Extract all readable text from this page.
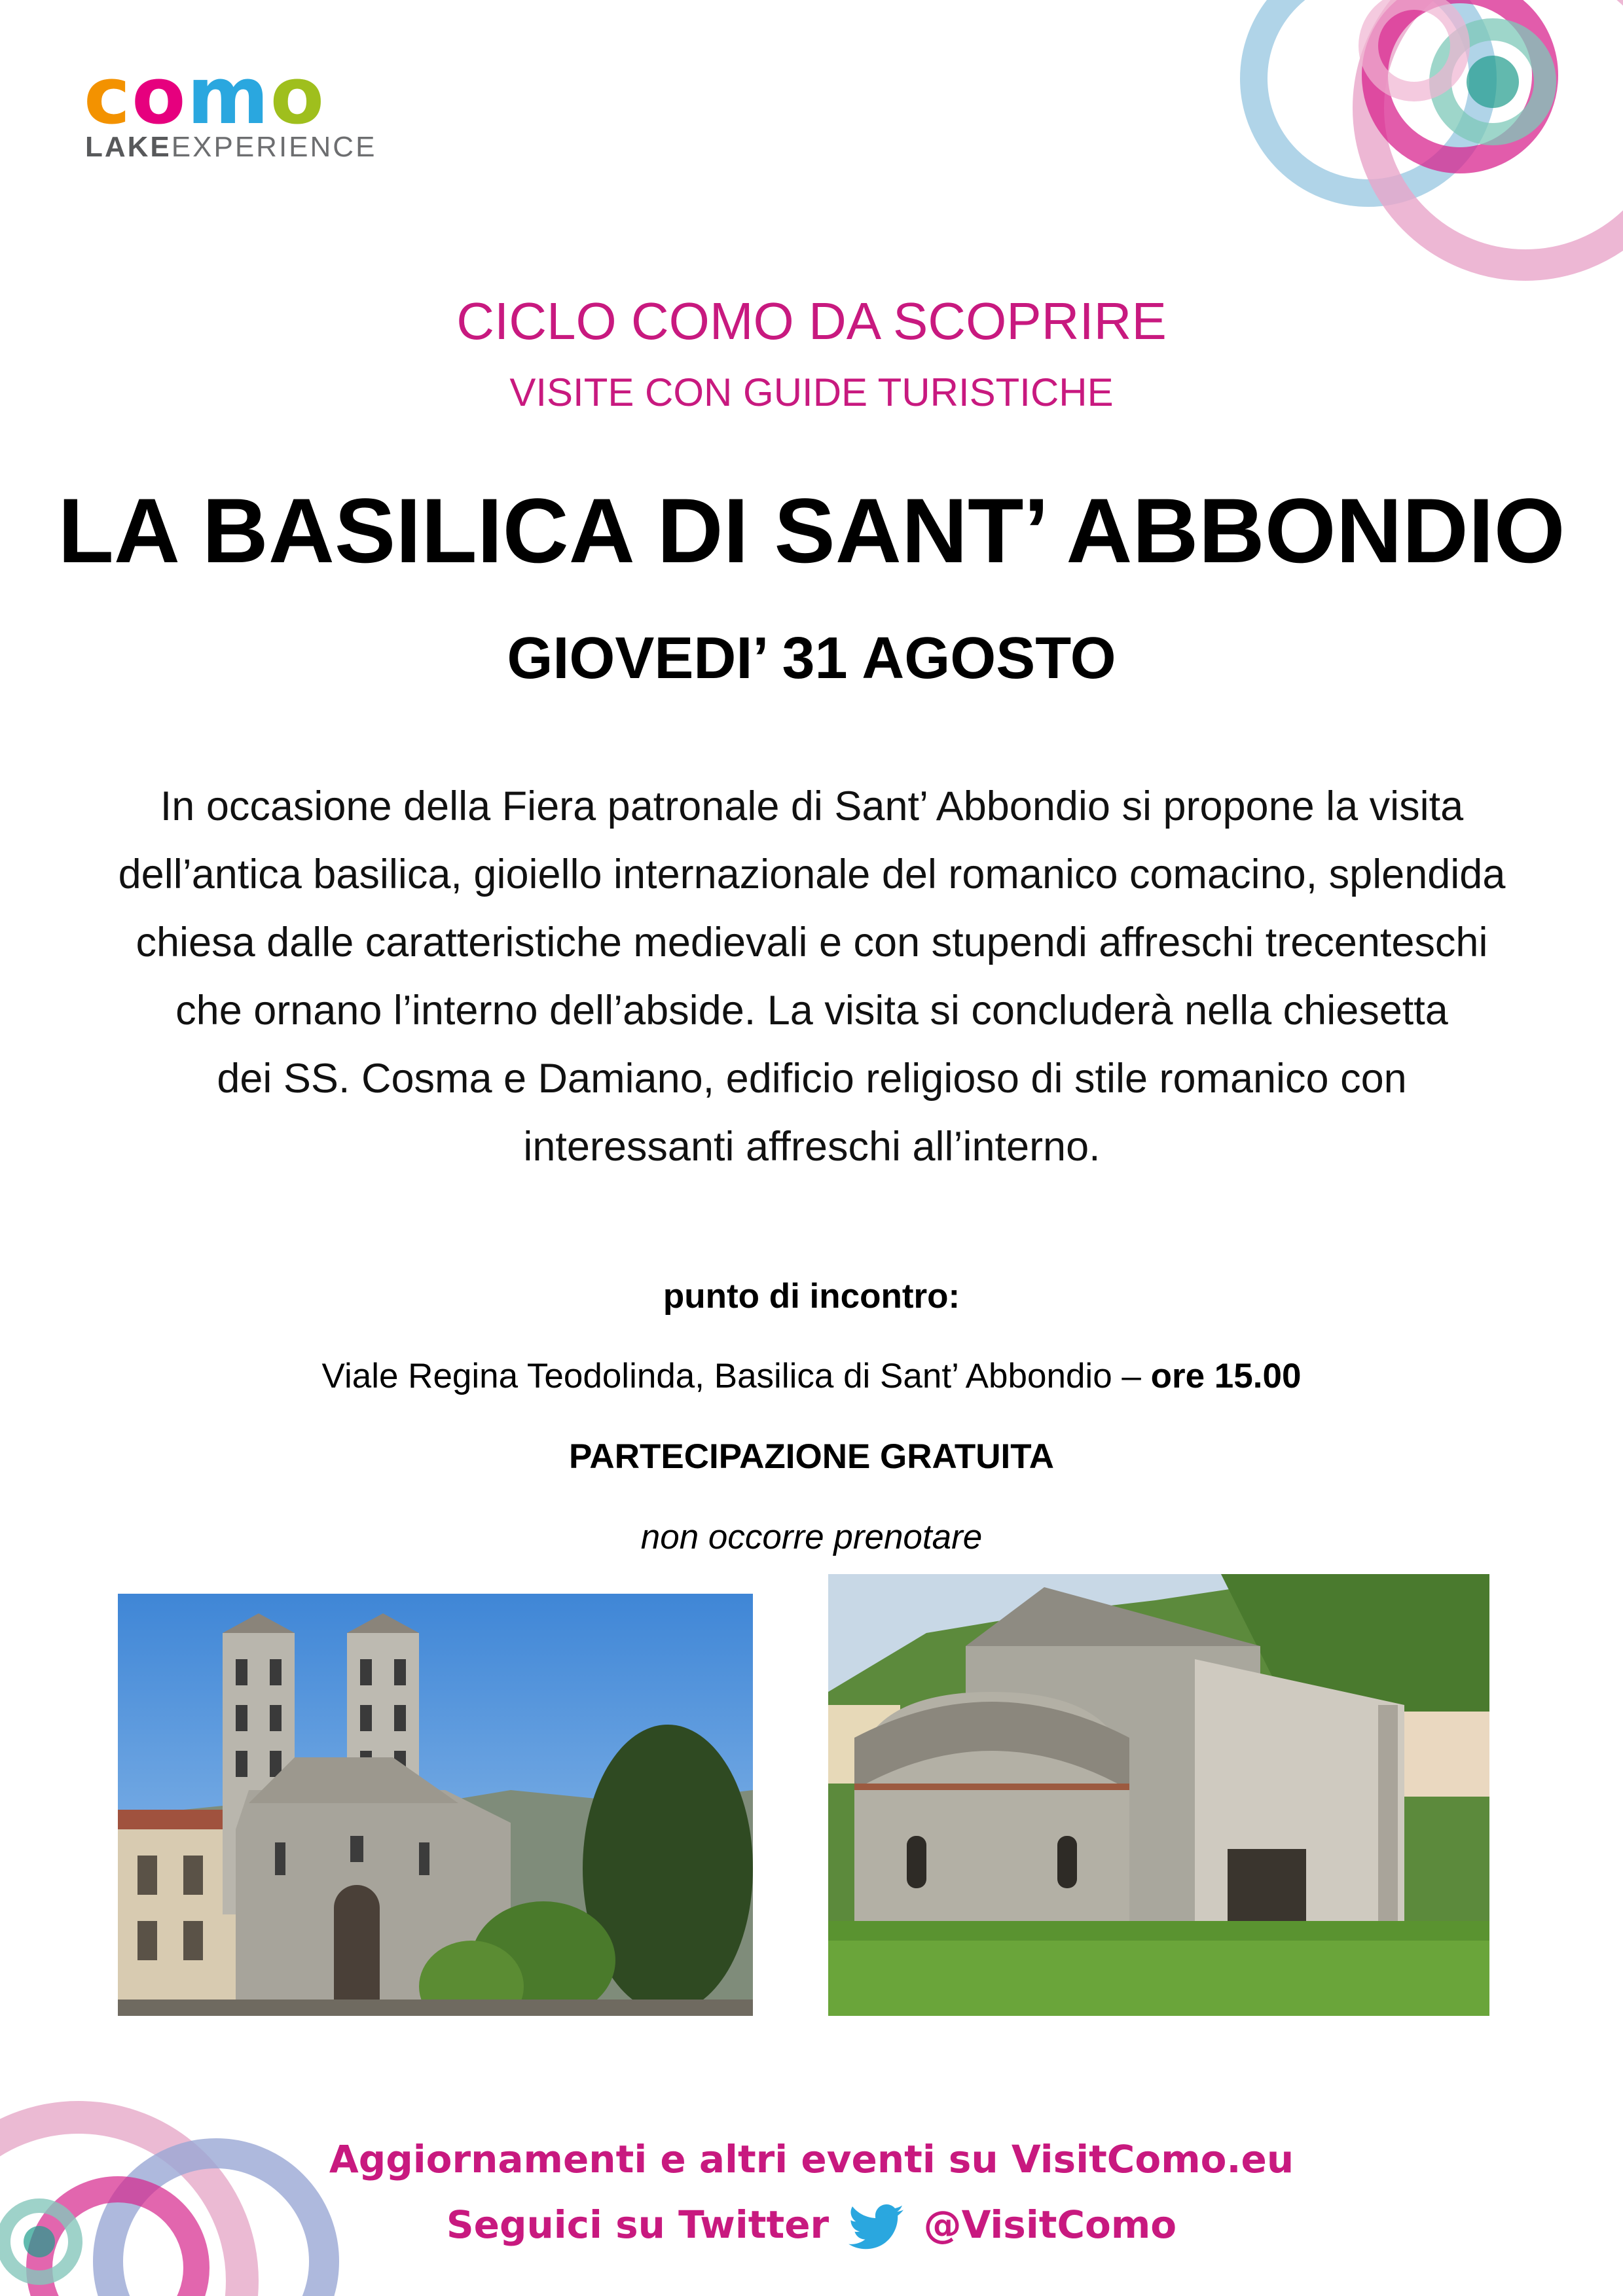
como
LAKEEXPERIENCE
CICLO COMO DA SCOPRIRE
VISITE CON GUIDE TURISTICHE
LA BASILICA DI SANT’ ABBONDIO
GIOVEDI’ 31 AGOSTO
In occasione della Fiera patronale di Sant’ Abbondio si propone la visita
dell’antica basilica, gioiello internazionale del romanico comacino, splendida
chiesa dalle caratteristiche medievali e con stupendi affreschi trecenteschi
che ornano l’interno dell’abside. La visita si concluderà nella chiesetta
dei SS. Cosma e Damiano, edificio religioso di stile romanico con
interessanti affreschi all’interno.
punto di incontro:
Viale Regina Teodolinda, Basilica di Sant’ Abbondio – ore 15.00
PARTECIPAZIONE GRATUITA
non occorre prenotare
Aggiornamenti e altri eventi su VisitComo.eu
Seguici su Twitter @VisitComo
